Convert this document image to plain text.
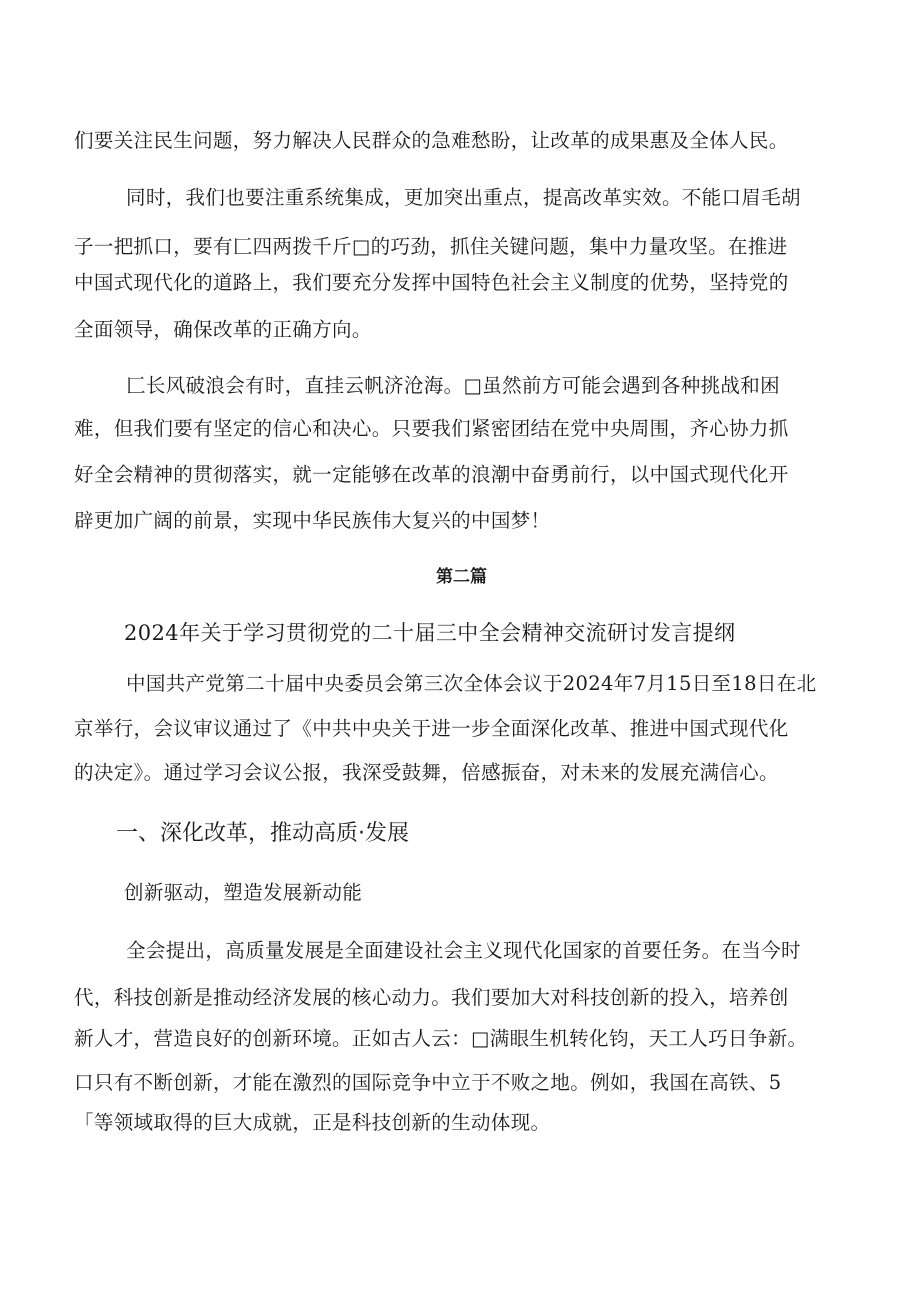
们要关注民生问题，努力解决人民群众的急难愁盼，让改革的成果惠及全体人民。
同时，我们也要注重系统集成，更加突出重点，提高改革实效。不能口眉毛胡
子一把抓口，要有匚四两拨千斤□的巧劲，抓住关键问题，集中力量攻坚。在推进
中国式现代化的道路上，我们要充分发挥中国特色社会主义制度的优势，坚持党的
全面领导，确保改革的正确方向。
匚长风破浪会有时，直挂云帆济沧海。□虽然前方可能会遇到各种挑战和困
难，但我们要有坚定的信心和决心。只要我们紧密团结在党中央周围，齐心协力抓
好全会精神的贯彻落实，就一定能够在改革的浪潮中奋勇前行，以中国式现代化开
辟更加广阔的前景，实现中华民族伟大复兴的中国梦！
第二篇
2024年关于学习贯彻党的二十届三中全会精神交流研讨发言提纲
中国共产党第二十届中央委员会第三次全体会议于2024年7月15日至18日在北
京举行，会议审议通过了《中共中央关于进一步全面深化改革、推进中国式现代化
的决定》。通过学习会议公报，我深受鼓舞，倍感振奋，对未来的发展充满信心。
一、深化改革，推动高质·发展
创新驱动，塑造发展新动能
全会提出，高质量发展是全面建设社会主义现代化国家的首要任务。在当今时
代，科技创新是推动经济发展的核心动力。我们要加大对科技创新的投入，培养创
新人才，营造良好的创新环境。正如古人云：□满眼生机转化钧，天工人巧日争新。
口只有不断创新，才能在激烈的国际竞争中立于不败之地。例如，我国在高铁、5
「等领域取得的巨大成就，正是科技创新的生动体现。
